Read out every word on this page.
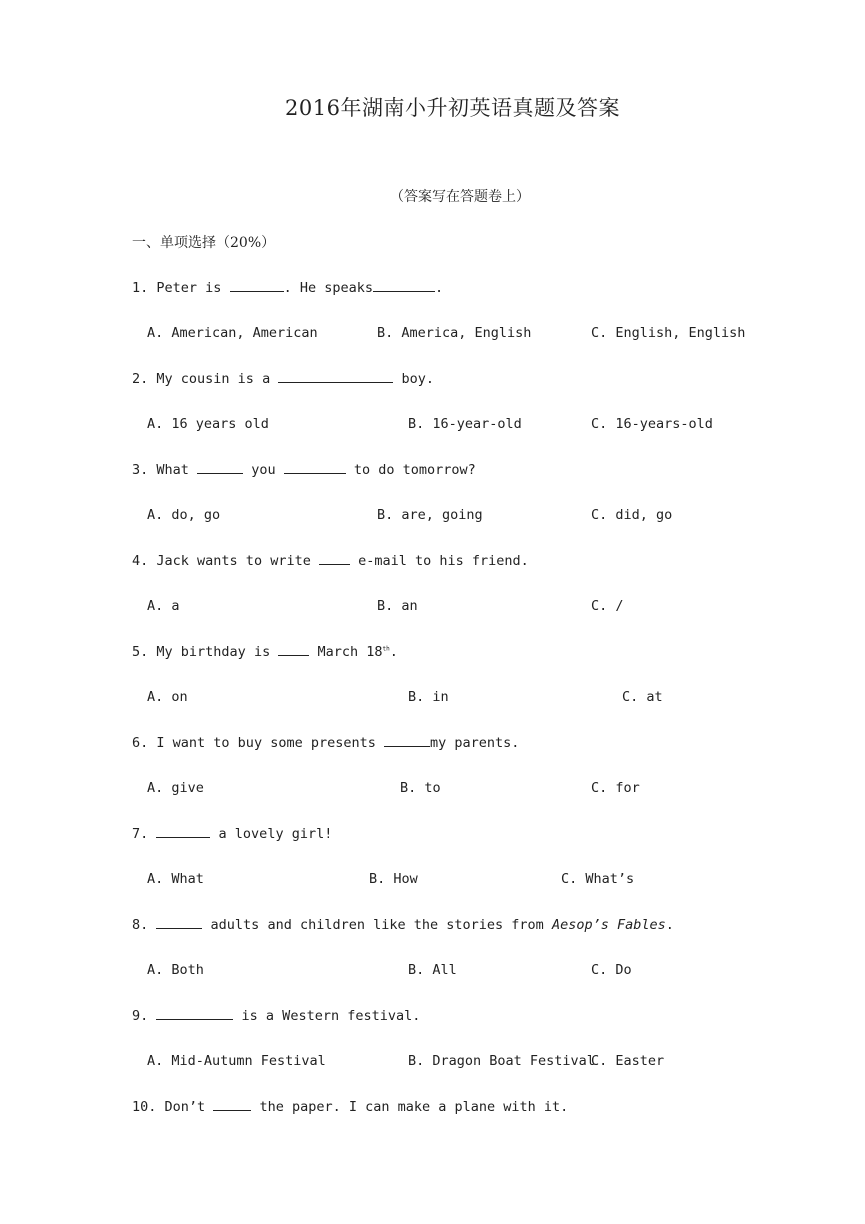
2016年湖南小升初英语真题及答案
（答案写在答题卷上）
一、单项选择（20%）
1. Peter is	. He speaks	.
A. American, American	B. America, English	C. English, English
2. My cousin is a	boy.
A. 16 years old	B. 16-year-old	C. 16-years-old
3. What	you	to do tomorrow?
A. do, go	B. are, going	C. did, go
4. Jack wants to write	e-mail to his friend.
A. a	B. an	C. /
5. My birthday is	March 18th.
A. on	B. in	C. at
6. I want to buy some presents	my parents.
A. give	B. to	C. for
7.	a lovely girl!
A. What	B. How	C. What’s
8.	adults and children like the stories from Aesop’s Fables.
A. Both	B. All	C. Do
9.	is a Western festival.
A. Mid-Autumn Festival	B. Dragon Boat Festival
C. Easter
10. Don’t	the paper. I can make a plane with it.
